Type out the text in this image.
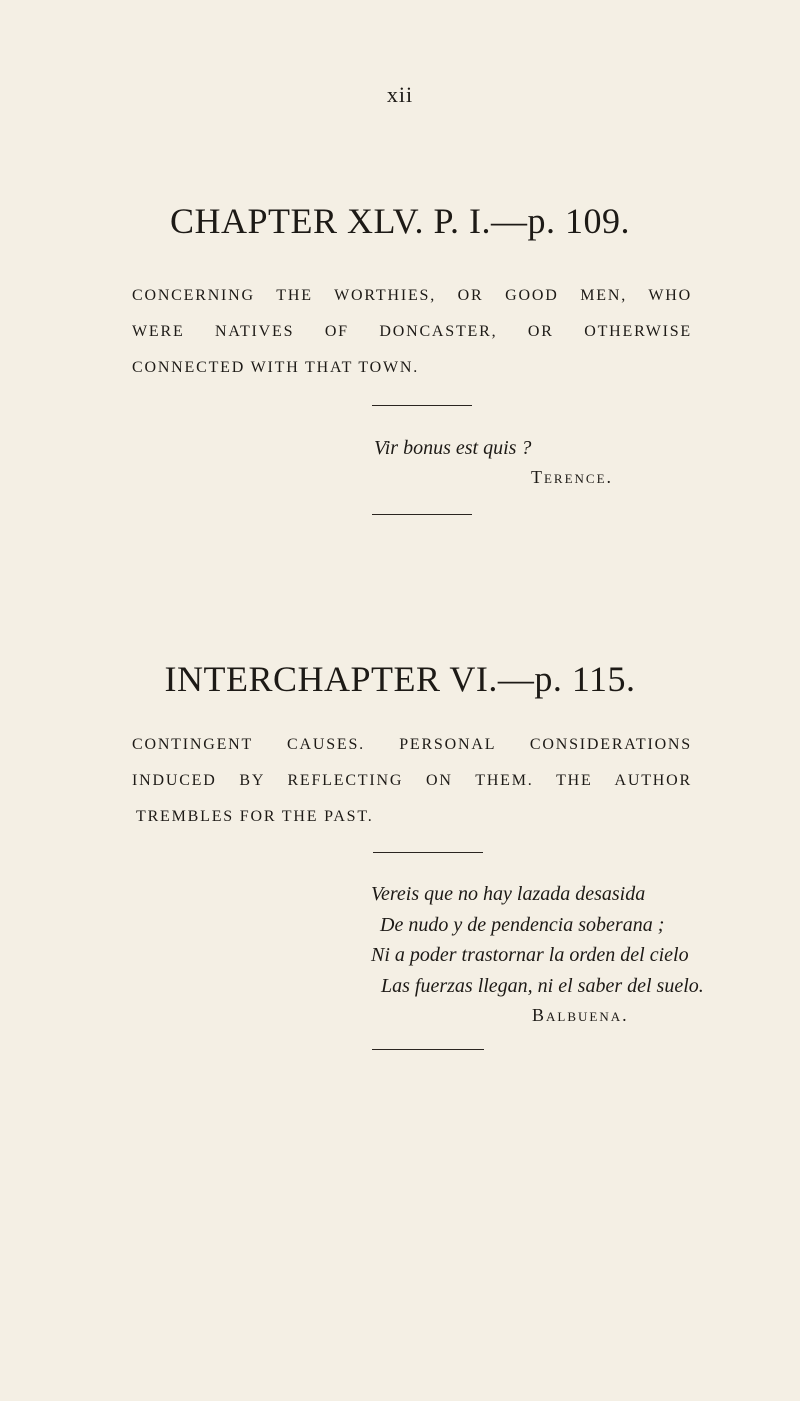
xii
CHAPTER XLV. P. I.—p. 109.
CONCERNING THE WORTHIES, OR GOOD MEN, WHO
WERE NATIVES OF DONCASTER, OR OTHERWISE
CONNECTED WITH THAT TOWN.
Vir bonus est quis ?
Terence.
INTERCHAPTER VI.—p. 115.
CONTINGENT CAUSES. PERSONAL CONSIDERATIONS
INDUCED BY REFLECTING ON THEM. THE AUTHOR
TREMBLES FOR THE PAST.
Vereis que no hay lazada desasida
De nudo y de pendencia soberana ;
Ni a poder trastornar la orden del cielo
Las fuerzas llegan, ni el saber del suelo.
Balbuena.
